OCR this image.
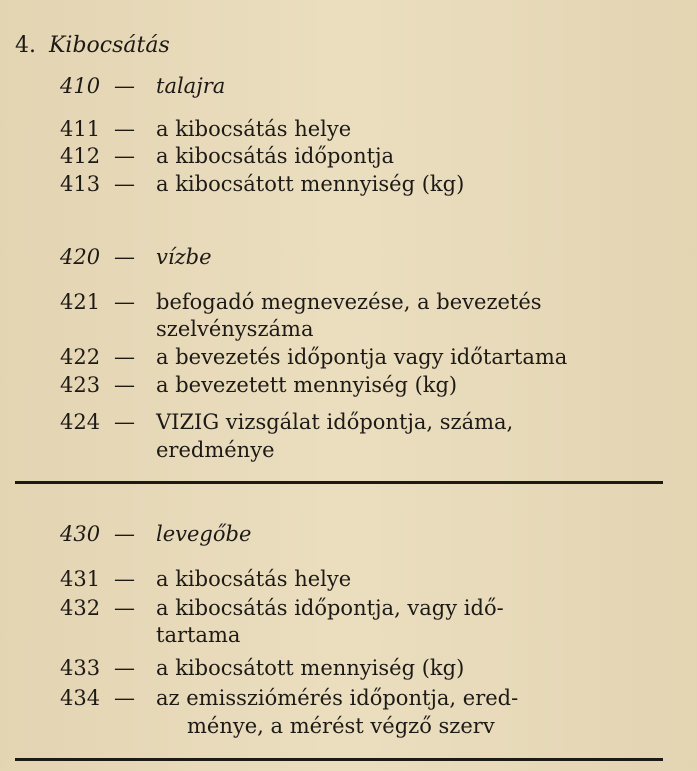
4. Kibocsátás
410 — talajra
411 — a kibocsátás helye
412 — a kibocsátás időpontja
413 — a kibocsátott mennyiség (kg)
420 — vízbe
421 — befogadó megnevezése, a bevezetés
szelvényszáma
422 — a bevezetés időpontja vagy időtartama
423 — a bevezetett mennyiség (kg)
424 — VIZIG vizsgálat időpontja, száma,
eredménye
430 — levegőbe
431 — a kibocsátás helye
432 — a kibocsátás időpontja, vagy idő-
tartama
433 — a kibocsátott mennyiség (kg)
434 — az emissziómérés időpontja, ered-
ménye, a mérést végző szerv
